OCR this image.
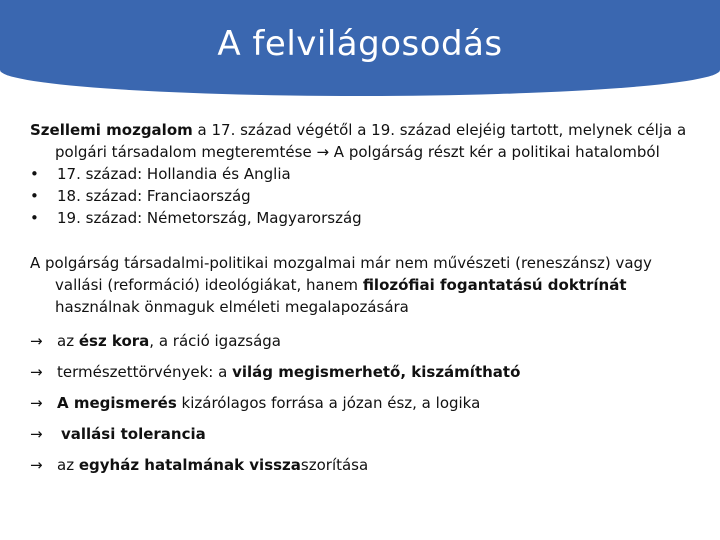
A felvilágosodás

Szellemi mozgalom a 17. század végétől a 19. század elejéig tartott, melynek célja a
polgári társadalom megteremtése → A polgárság részt kér a politikai hatalomból

• 17. század: Hollandia és Anglia
• 18. század: Franciaország
• 19. század: Németország, Magyarország

A polgárság társadalmi-politikai mozgalmai már nem művészeti (reneszánsz) vagy
vallási (reformáció) ideológiákat, hanem filozófiai fogantatású doktrínát
használnak önmaguk elméleti megalapozására

→ az ész kora, a ráció igazsága
→ természettörvények: a világ megismerhető, kiszámítható
→ A megismerés kizárólagos forrása a józan ész, a logika
→ vallási tolerancia
→ az egyház hatalmának visszaszorítása
